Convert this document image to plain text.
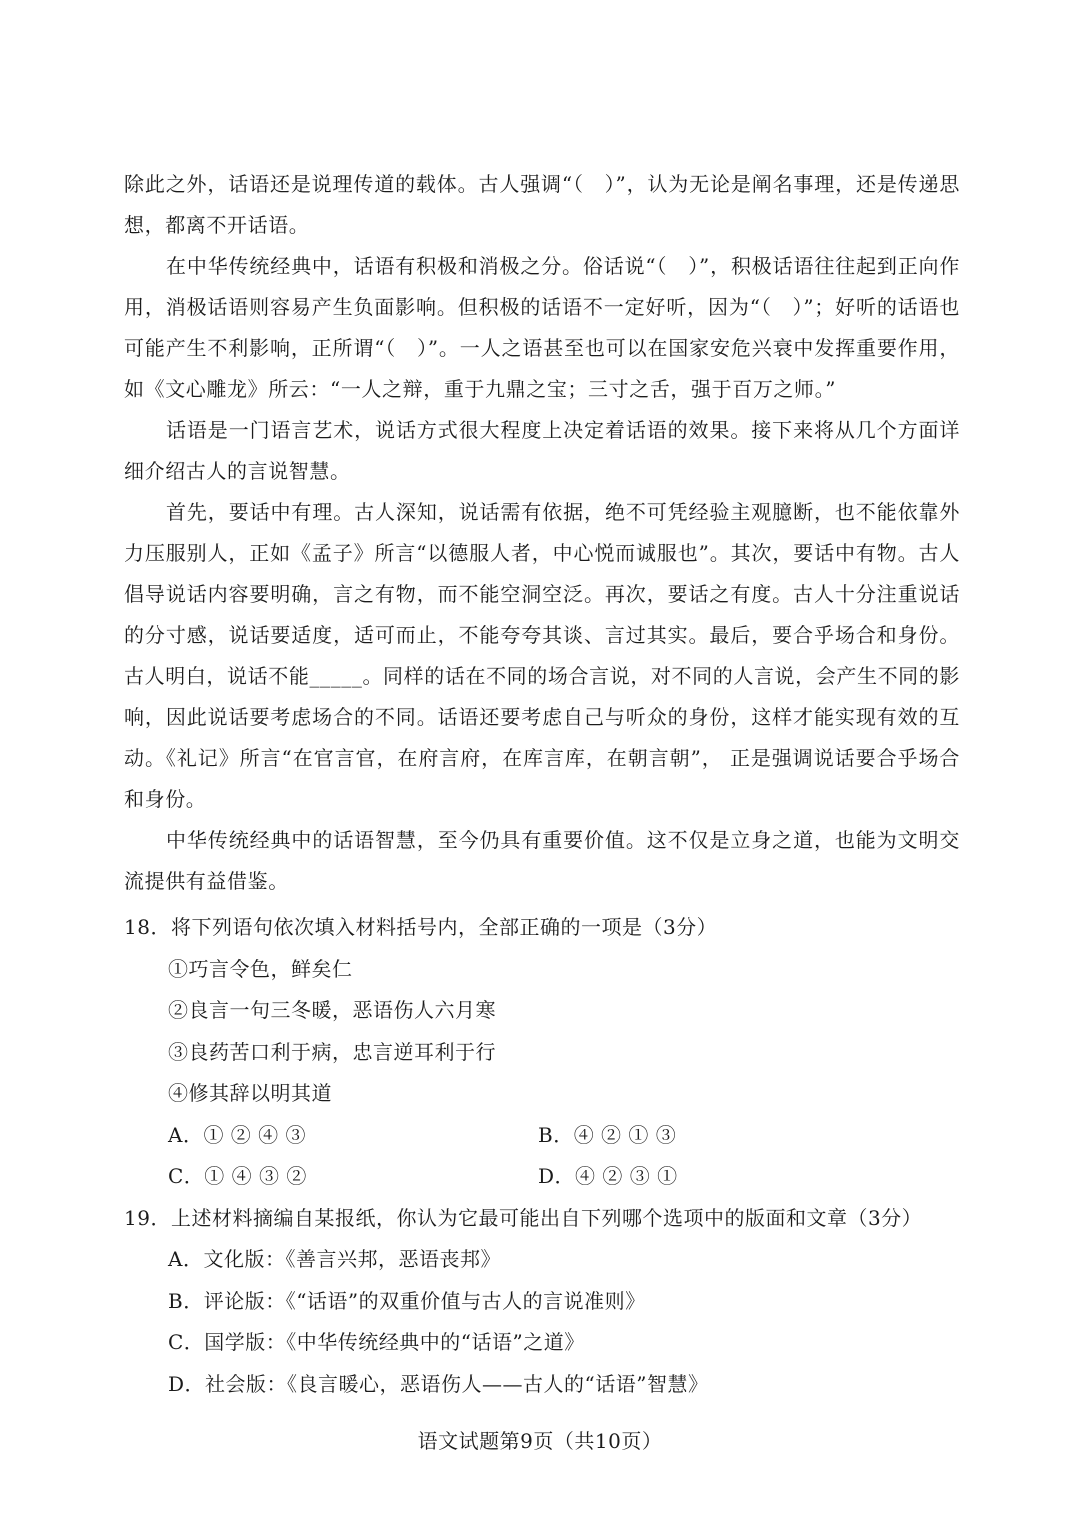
除此之外，话语还是说理传道的载体。古人强调“（　）”，认为无论是阐名事理，还是传递思想，都离不开话语。

在中华传统经典中，话语有积极和消极之分。俗话说“（　）”，积极话语往往起到正向作用，消极话语则容易产生负面影响。但积极的话语不一定好听，因为“（　）”；好听的话语也可能产生不利影响，正所谓“（　）”。一人之语甚至也可以在国家安危兴衰中发挥重要作用，如《文心雕龙》所云：“一人之辩，重于九鼎之宝；三寸之舌，强于百万之师。”

话语是一门语言艺术，说话方式很大程度上决定着话语的效果。接下来将从几个方面详细介绍古人的言说智慧。

首先，要话中有理。古人深知，说话需有依据，绝不可凭经验主观臆断，也不能依靠外力压服别人，正如《孟子》所言“以德服人者，中心悦而诚服也”。其次，要话中有物。古人倡导说话内容要明确，言之有物，而不能空洞空泛。再次，要话之有度。古人十分注重说话的分寸感，说话要适度，适可而止，不能夸夸其谈、言过其实。最后，要合乎场合和身份。古人明白，说话不能_____。同样的话在不同的场合言说，对不同的人言说，会产生不同的影响，因此说话要考虑场合的不同。话语还要考虑自己与听众的身份，这样才能实现有效的互动。《礼记》所言“在官言官，在府言府，在库言库，在朝言朝”， 正是强调说话要合乎场合和身份。

中华传统经典中的话语智慧，至今仍具有重要价值。这不仅是立身之道，也能为文明交流提供有益借鉴。

18．将下列语句依次填入材料括号内，全部正确的一项是（3分）
①巧言令色，鲜矣仁
②良言一句三冬暖，恶语伤人六月寒
③良药苦口利于病，忠言逆耳利于行
④修其辞以明其道
A．① ② ④ ③	B．④ ② ① ③
C．① ④ ③ ②	D．④ ② ③ ①
19．上述材料摘编自某报纸，你认为它最可能出自下列哪个选项中的版面和文章（3分）
A．文化版：《善言兴邦，恶语丧邦》
B．评论版：《“话语”的双重价值与古人的言说准则》
C．国学版：《中华传统经典中的“话语”之道》
D．社会版：《良言暖心，恶语伤人——古人的“话语”智慧》
语文试题第9页（共10页）
